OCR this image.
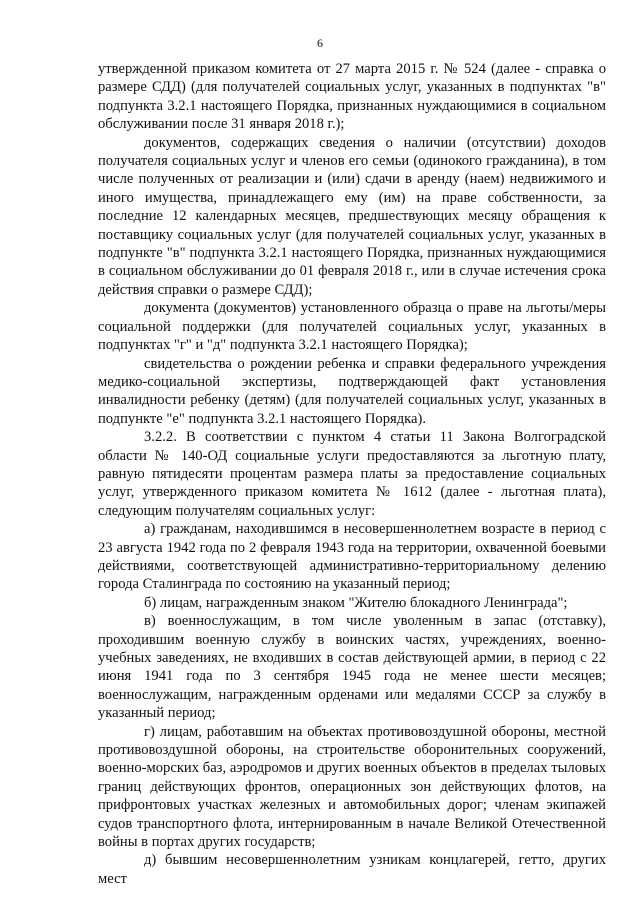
6

утвержденной приказом комитета от 27 марта 2015 г. № 524 (далее - справка о размере СДД) (для получателей социальных услуг, указанных в подпунктах "в" подпункта 3.2.1 настоящего Порядка, признанных нуждающимися в социальном обслуживании после 31 января 2018 г.);

документов, содержащих сведения о наличии (отсутствии) доходов получателя социальных услуг и членов его семьи (одинокого гражданина), в том числе полученных от реализации и (или) сдачи в аренду (наем) недвижимого и иного имущества, принадлежащего ему (им) на праве собственности, за последние 12 календарных месяцев, предшествующих месяцу обращения к поставщику социальных услуг (для получателей социальных услуг, указанных в подпункте "в" подпункта 3.2.1 настоящего Порядка, признанных нуждающимися в социальном обслуживании до 01 февраля 2018 г., или в случае истечения срока действия справки о размере СДД);

документа (документов) установленного образца о праве на льготы/меры социальной поддержки (для получателей социальных услуг, указанных в подпунктах "г" и "д" подпункта 3.2.1 настоящего Порядка);

свидетельства о рождении ребенка и справки федерального учреждения медико-социальной экспертизы, подтверждающей факт установления инвалидности ребенку (детям) (для получателей социальных услуг, указанных в подпункте "е" подпункта 3.2.1 настоящего Порядка).

3.2.2. В соответствии с пунктом 4 статьи 11 Закона Волгоградской области № 140-ОД социальные услуги предоставляются за льготную плату, равную пятидесяти процентам размера платы за предоставление социальных услуг, утвержденного приказом комитета № 1612 (далее - льготная плата), следующим получателям социальных услуг:

а) гражданам, находившимся в несовершеннолетнем возрасте в период с 23 августа 1942 года по 2 февраля 1943 года на территории, охваченной боевыми действиями, соответствующей административно-территориальному делению города Сталинграда по состоянию на указанный период;

б) лицам, награжденным знаком "Жителю блокадного Ленинграда";

в) военнослужащим, в том числе уволенным в запас (отставку), проходившим военную службу в воинских частях, учреждениях, военно-учебных заведениях, не входивших в состав действующей армии, в период с 22 июня 1941 года по 3 сентября 1945 года не менее шести месяцев; военнослужащим, награжденным орденами или медалями СССР за службу в указанный период;

г) лицам, работавшим на объектах противовоздушной обороны, местной противовоздушной обороны, на строительстве оборонительных сооружений, военно-морских баз, аэродромов и других военных объектов в пределах тыловых границ действующих фронтов, операционных зон действующих флотов, на прифронтовых участках железных и автомобильных дорог; членам экипажей судов транспортного флота, интернированным в начале Великой Отечественной войны в портах других государств;

д) бывшим несовершеннолетним узникам концлагерей, гетто, других мест
